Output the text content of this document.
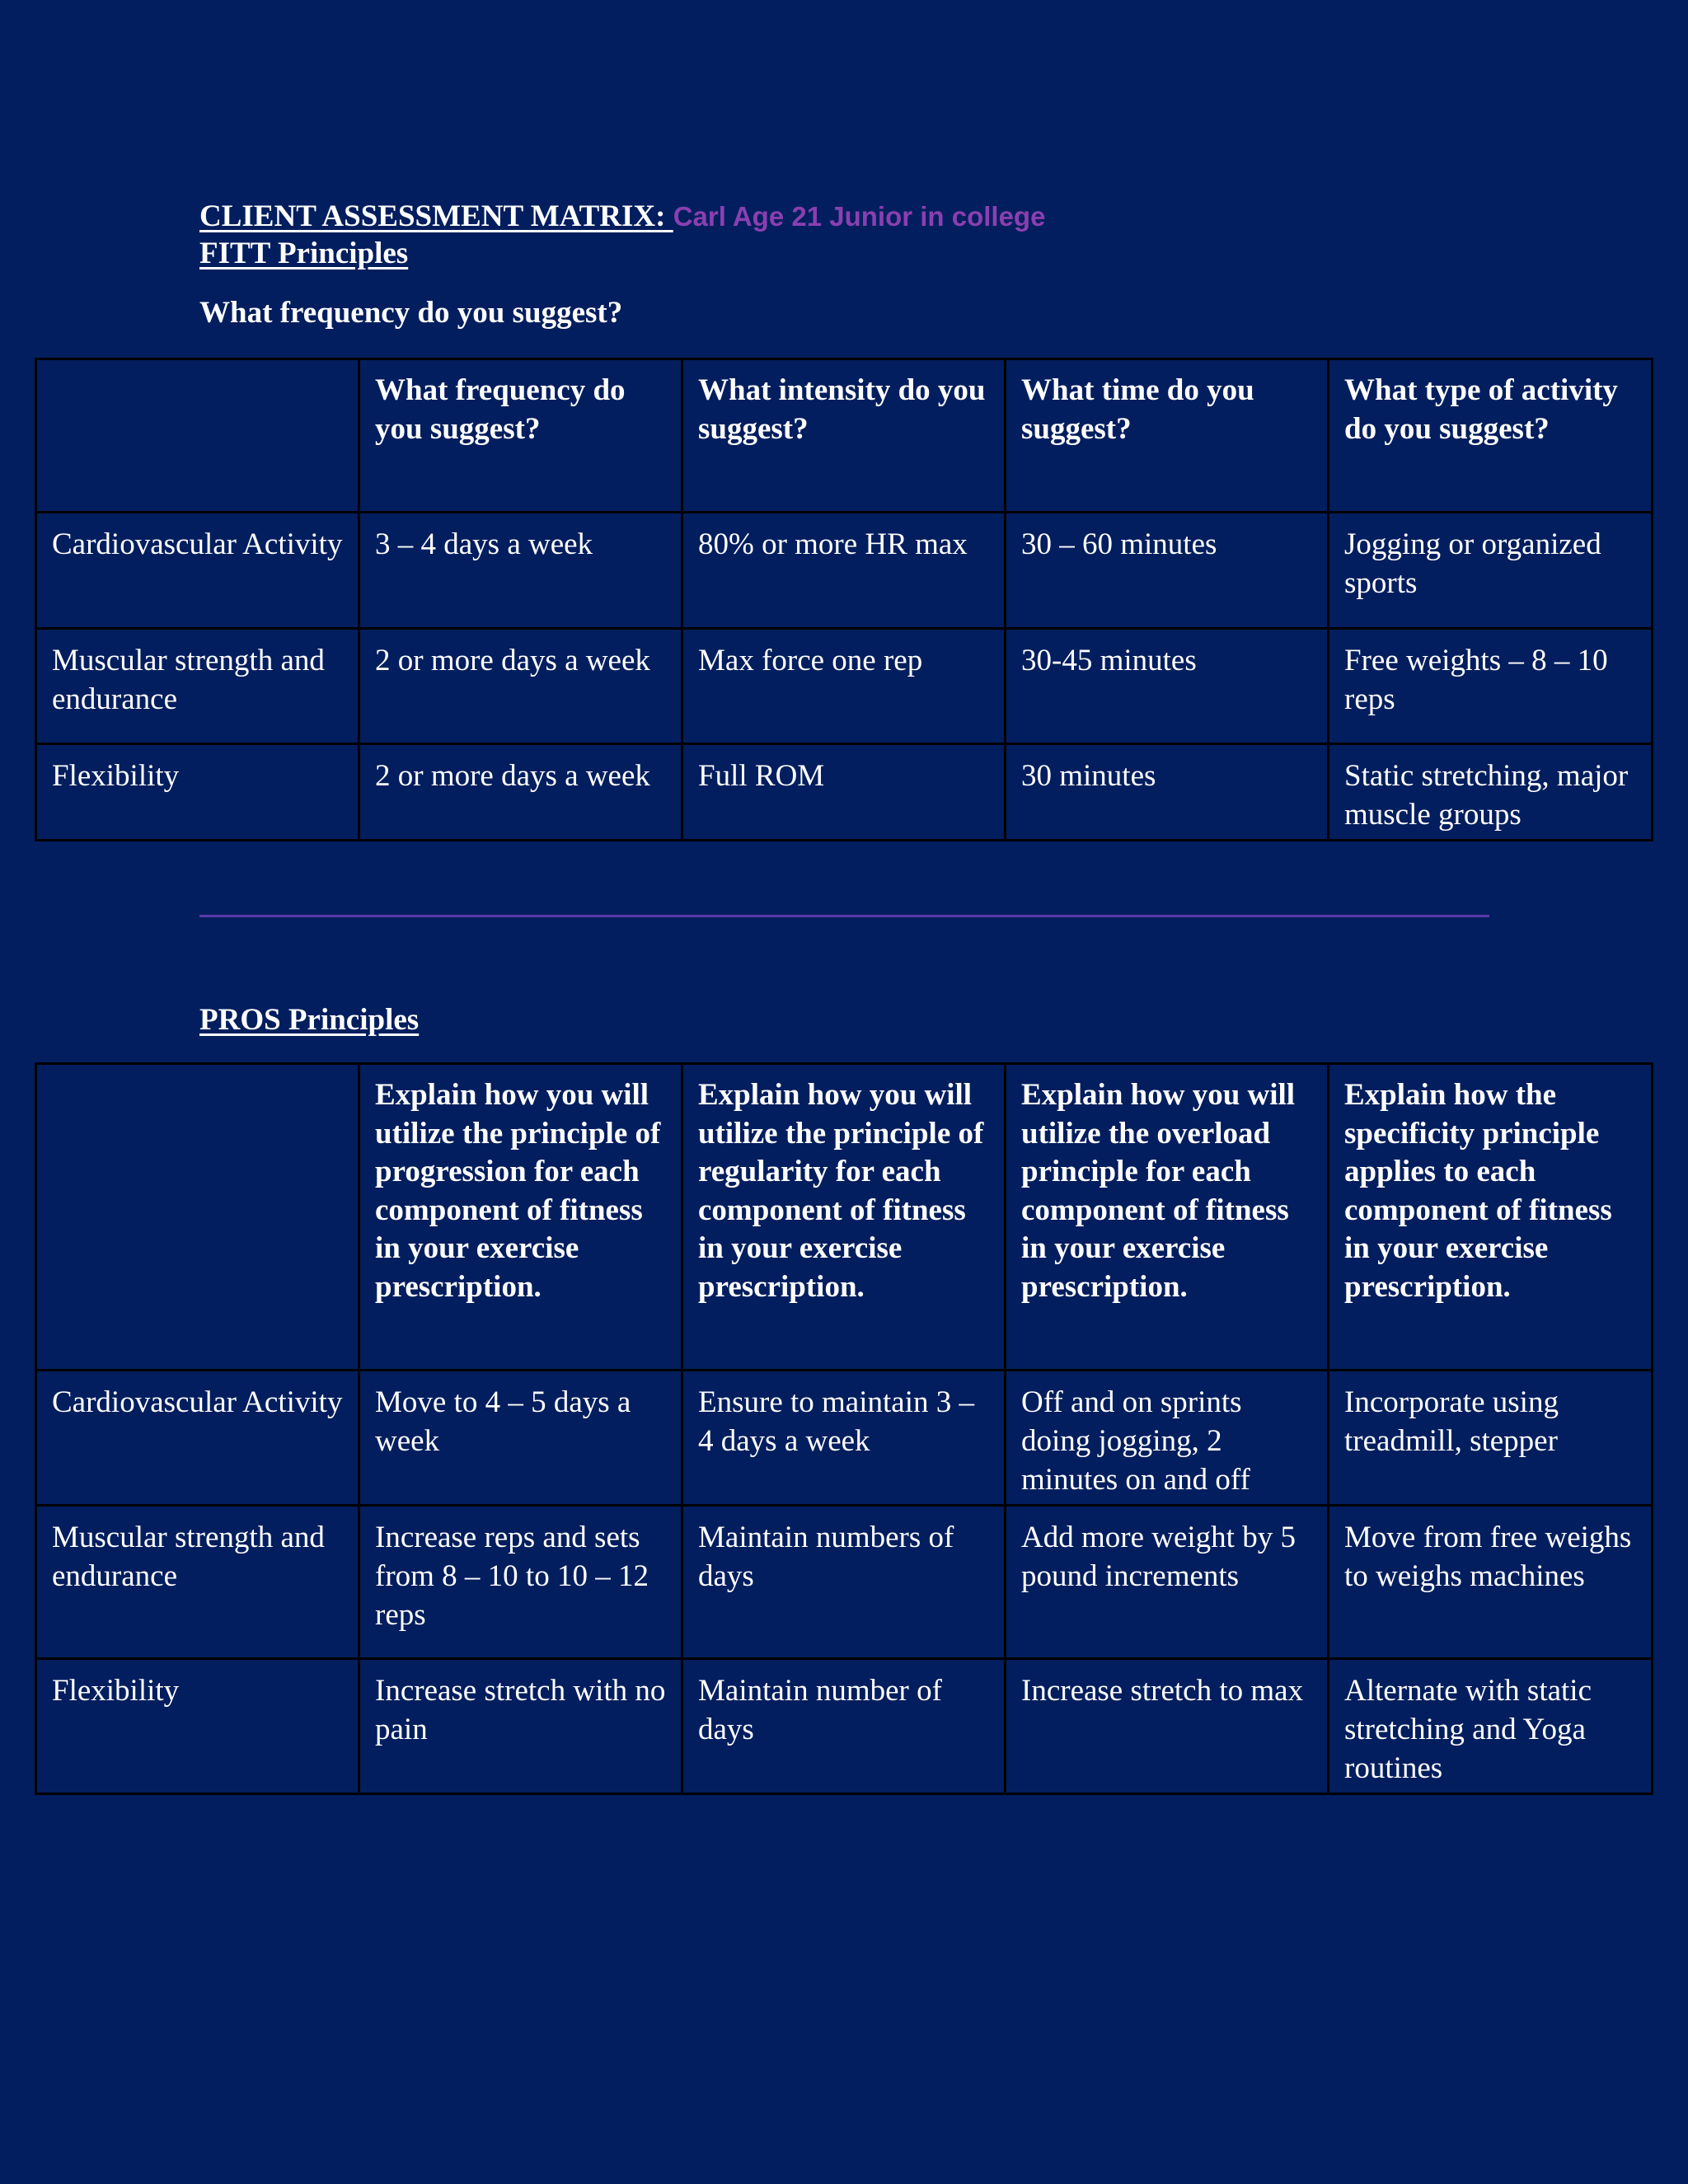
CLIENT ASSESSMENT MATRIX: Carl Age 21 Junior in college
FITT Principles
What frequency do you suggest?
	What frequency do you suggest?	What intensity do you suggest?	What time do you suggest?	What type of activity do you suggest?
Cardiovascular Activity	3 – 4 days a week	80% or more HR max	30 – 60 minutes	Jogging or organized sports
Muscular strength and endurance	2 or more days a week	Max force one rep	30-45 minutes	Free weights – 8 – 10 reps
Flexibility	2 or more days a week	Full ROM	30 minutes	Static stretching, major muscle groups
PROS Principles
	Explain how you will utilize the principle of progression for each component of fitness in your exercise prescription.	Explain how you will utilize the principle of regularity for each component of fitness in your exercise prescription.	Explain how you will utilize the overload principle for each component of fitness in your exercise prescription.	Explain how the specificity principle applies to each component of fitness in your exercise prescription.
Cardiovascular Activity	Move to 4 – 5 days a week	Ensure to maintain 3 – 4 days a week	Off and on sprints doing jogging, 2 minutes on and off	Incorporate using treadmill, stepper
Muscular strength and endurance	Increase reps and sets from 8 – 10 to 10 – 12 reps	Maintain numbers of days	Add more weight by 5 pound increments	Move from free weighs to weighs machines
Flexibility	Increase stretch with no pain	Maintain number of days	Increase stretch to max	Alternate with static stretching and Yoga routines
